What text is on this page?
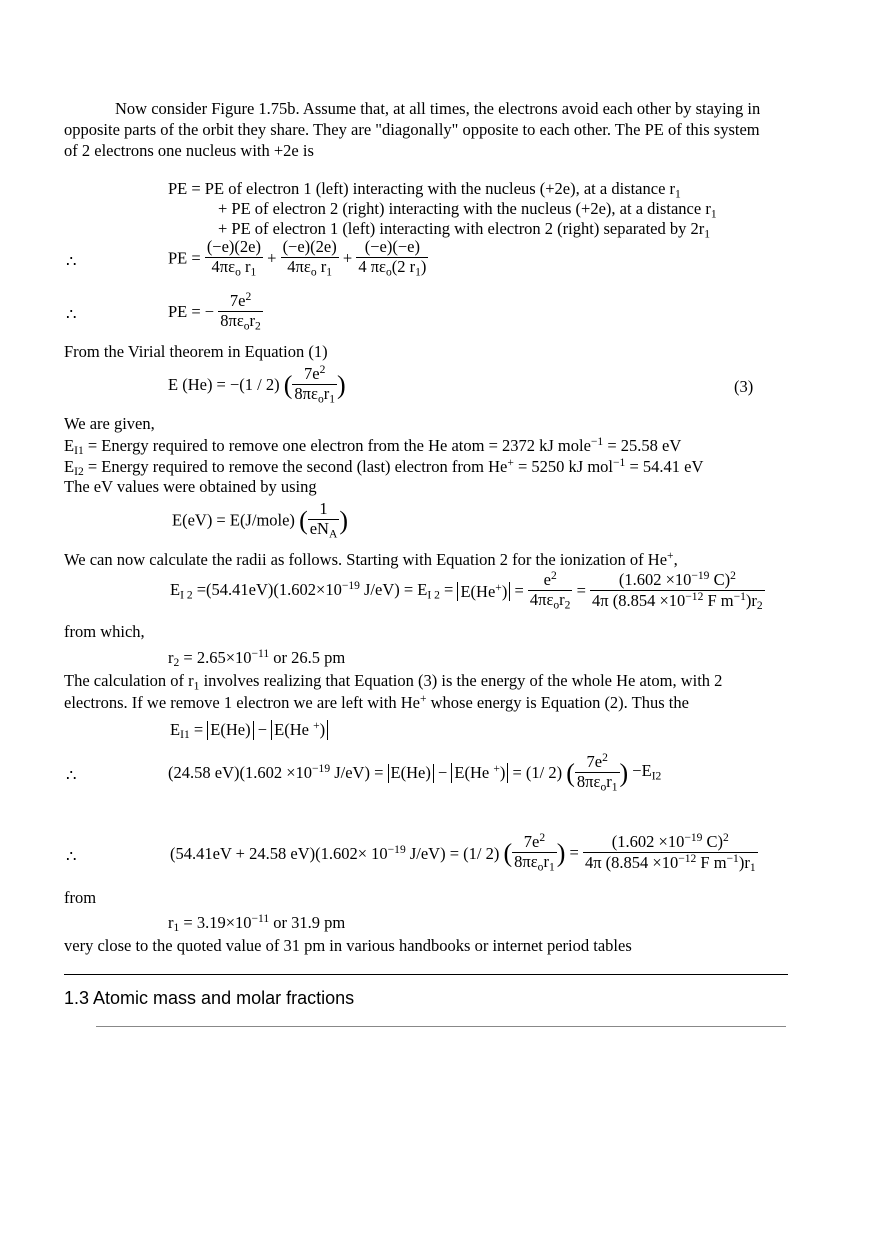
Now consider Figure 1.75b. Assume that, at all times, the electrons avoid each other by staying in
opposite parts of the orbit they share. They are "diagonally" opposite to each other. The PE of this system
of 2 electrons one nucleus with +2e is
PE = PE of electron 1 (left) interacting with the nucleus (+2e), at a distance $r_1$
+ PE of electron 2 (right) interacting with the nucleus (+2e), at a distance $r_1$
+ PE of electron 1 (left) interacting with electron 2 (right) separated by $2r_1$
∴	PE = $\frac{(-e)(2e)}{4\pi\varepsilon_o r_1} + \frac{(-e)(2e)}{4\pi\varepsilon_o r_1} + \frac{(-e)(-e)}{4 \pi\varepsilon_o(2 r_1)}$
∴	PE = − $\frac{7e^2}{8\pi\varepsilon_or_2}$
From the Virial theorem in Equation (1)
E (He) = −(1 / 2) ( $\frac{7e^2}{8\pi\varepsilon_or_1}$ )	(3)
We are given,
$E_{I1}$ = Energy required to remove one electron from the He atom = 2372 kJ mole$^{-1}$ = 25.58 eV
$E_{I2}$ = Energy required to remove the second (last) electron from He+ = 5250 kJ mol$^{-1}$ = 54.41 eV
The eV values were obtained by using
E(eV) = E(J/mole) ( $\frac{1}{eN_A}$ )
We can now calculate the radii as follows. Starting with Equation 2 for the ionization of He+,
$E_{I 2} =(54.41eV)(1.602\times 10^{-19}$ $J/eV) = E_{I 2} = E(He^+) = \frac{e^2}{4\pi\varepsilon_or_2} = \frac{(1.602 \times 10^{-19} C)^2}{4\pi (8.854 \times 10^{-12} F m^{-1})r_2}$
from which,
$r_2 = 2.65\times 10^{-11}$ or 26.5 pm
The calculation of $r_1$ involves realizing that Equation (3) is the energy of the whole He atom, with 2
electrons. If we remove 1 electron we are left with He+ whose energy is Equation (2). Thus the
$E_{I1} = E(He) - E(He$ +)
∴	(24.58 $eV)(1.602 \times 10^{-19}$ J/eV) = E(He) − E(He +) = (1/ 2) ( $\frac{7e^2}{8\pi\varepsilon_or_1}$ ) $-E_{I2}$
∴	(54.41eV + 24.58 $eV)(1.602\times 10^{-19}$ J/eV) = (1/ 2) ( $\frac{7e^2}{8\pi\varepsilon_or_1}$ ) = $\frac{(1.602 \times 10^{-19} C)^2}{4\pi (8.854 \times 10^{-12} F m^{-1})r_1}$
from
$r_1 = 3.19\times 10^{-11}$ or 31.9 pm
very close to the quoted value of 31 pm in various handbooks or internet period tables
1.3 Atomic mass and molar fractions
